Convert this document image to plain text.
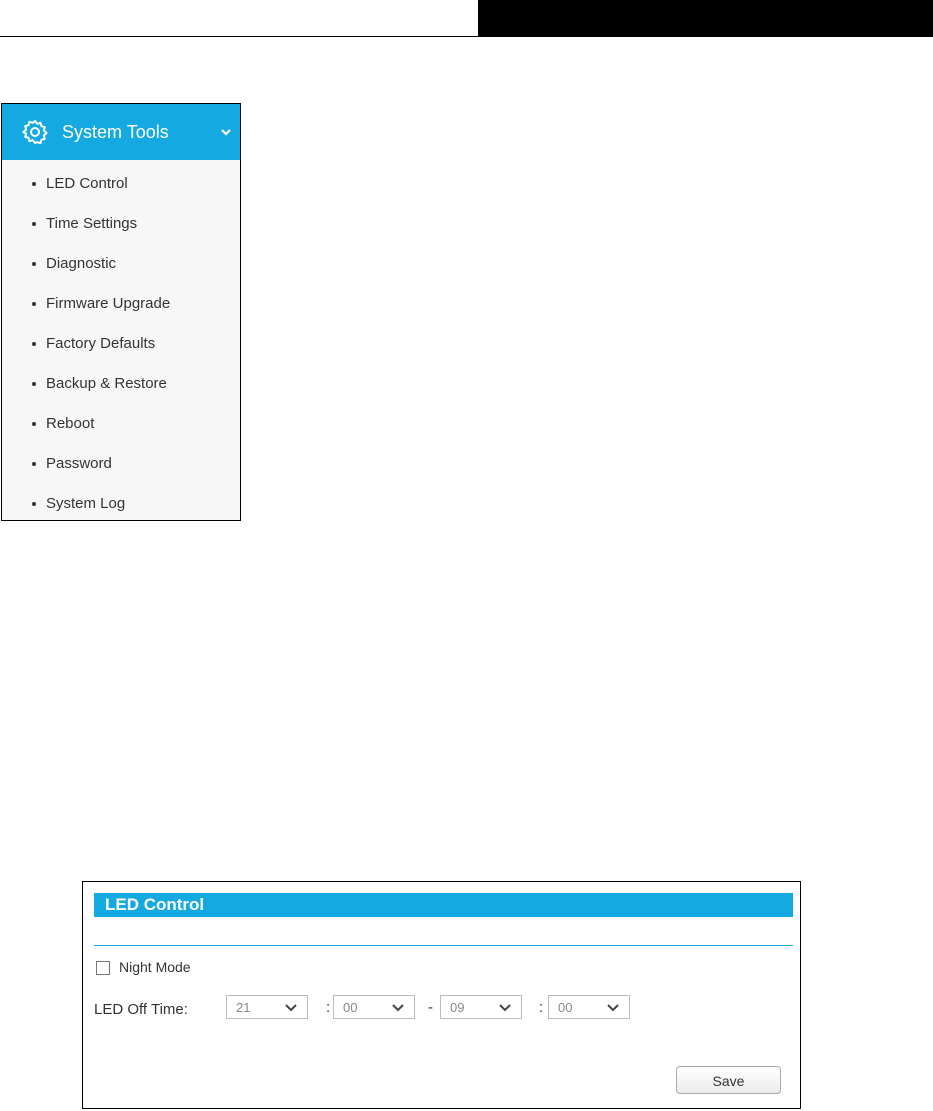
System Tools
LED Control
Time Settings
Diagnostic
Firmware Upgrade
Factory Defaults
Backup & Restore
Reboot
Password
System Log
LED Control
Night Mode
LED Off Time:	21	: 00	- 09	: 00
Save
